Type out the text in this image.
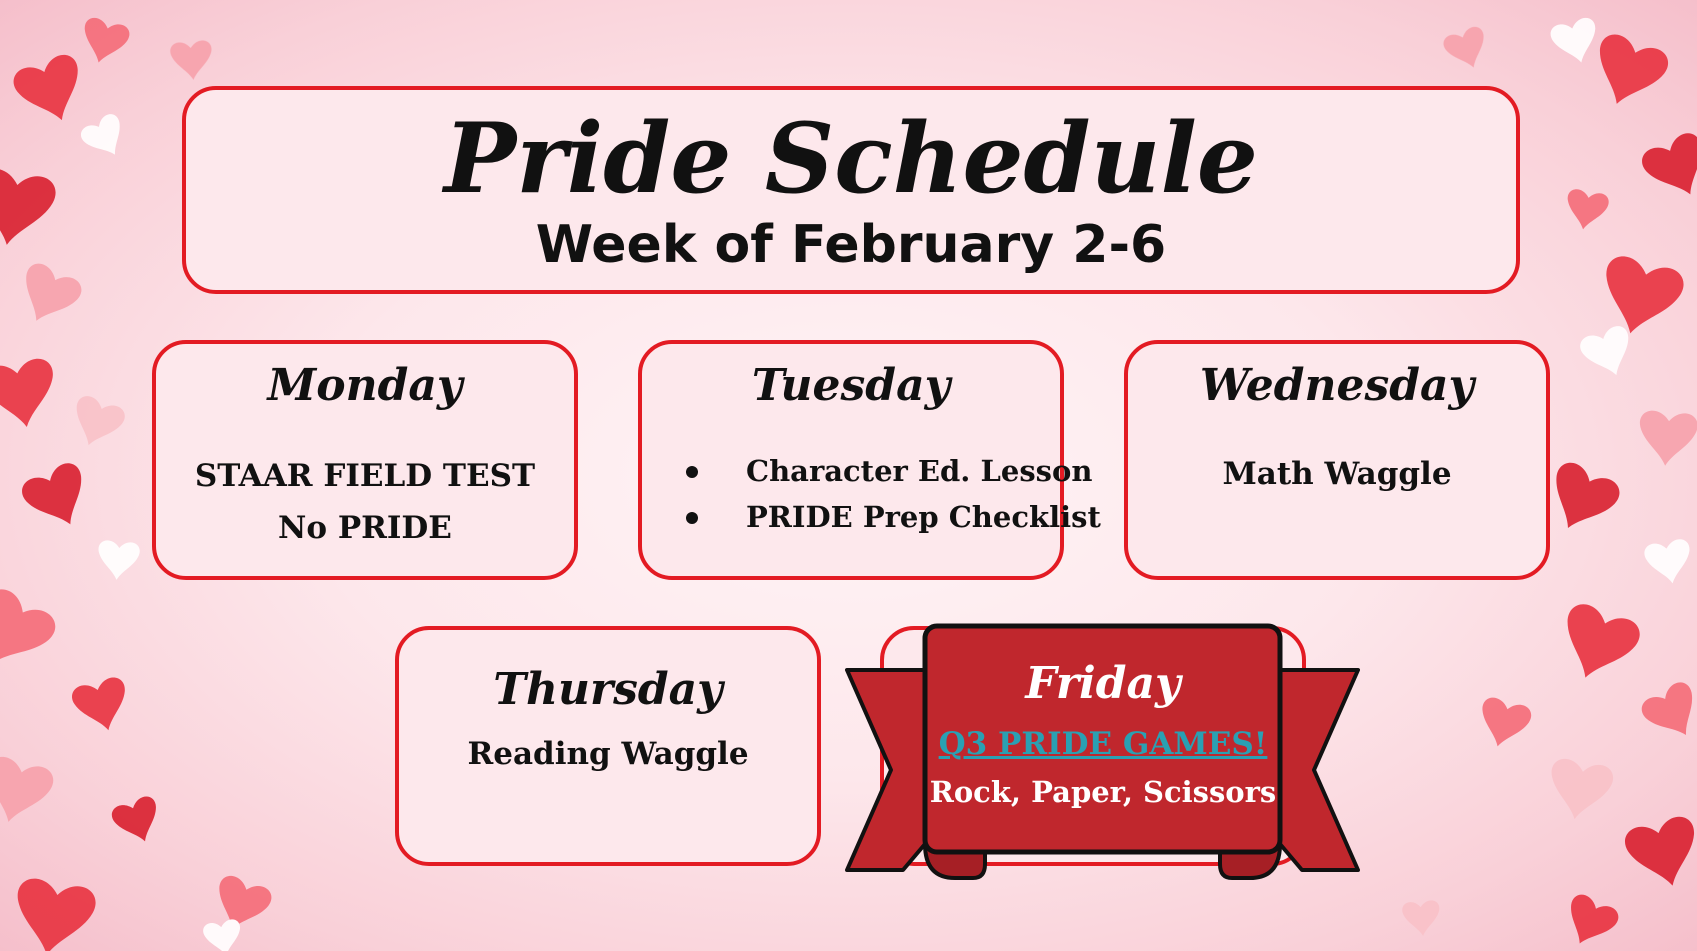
Pride Schedule
Week of February 2-6
Monday
STAAR FIELD TEST
No PRIDE
Tuesday
Character Ed. Lesson
PRIDE Prep Checklist
Wednesday
Math Waggle
Thursday
Reading Waggle
Friday
Q3 PRIDE GAMES!
Rock, Paper, Scissors
